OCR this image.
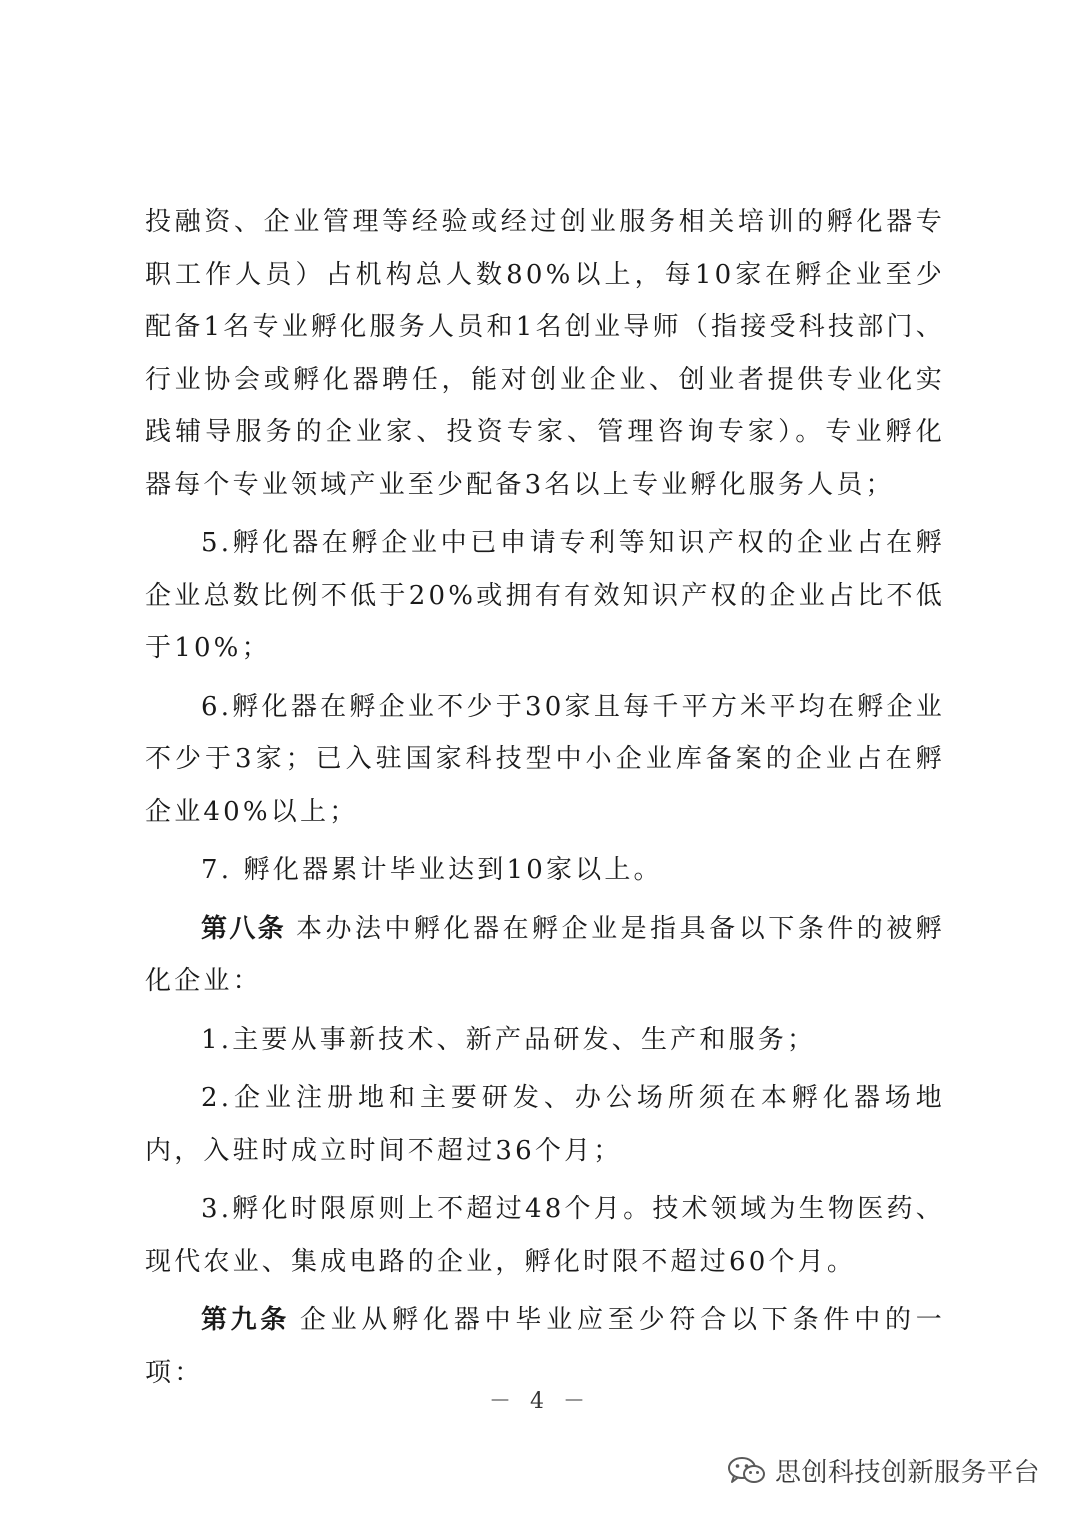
投融资、企业管理等经验或经过创业服务相关培训的孵化器专职工作人员）占机构总人数80%以上，每10家在孵企业至少配备1名专业孵化服务人员和1名创业导师（指接受科技部门、行业协会或孵化器聘任，能对创业企业、创业者提供专业化实践辅导服务的企业家、投资专家、管理咨询专家）。专业孵化器每个专业领域产业至少配备3名以上专业孵化服务人员；

5.孵化器在孵企业中已申请专利等知识产权的企业占在孵企业总数比例不低于20%或拥有有效知识产权的企业占比不低于10%；

6.孵化器在孵企业不少于30家且每千平方米平均在孵企业不少于3家；已入驻国家科技型中小企业库备案的企业占在孵企业40%以上；

7. 孵化器累计毕业达到10家以上。

第八条 本办法中孵化器在孵企业是指具备以下条件的被孵化企业：

1.主要从事新技术、新产品研发、生产和服务；

2.企业注册地和主要研发、办公场所须在本孵化器场地内，入驻时成立时间不超过36个月；

3.孵化时限原则上不超过48个月。技术领域为生物医药、现代农业、集成电路的企业，孵化时限不超过60个月。

第九条 企业从孵化器中毕业应至少符合以下条件中的一项：

－ 4 －
思创科技创新服务平台
